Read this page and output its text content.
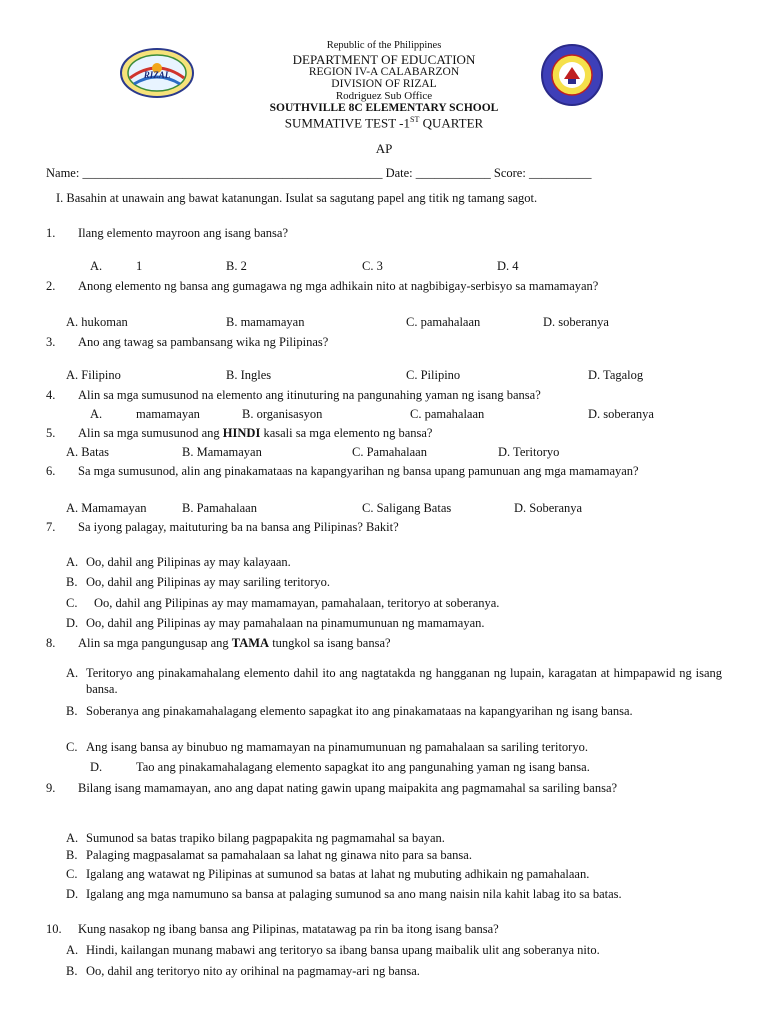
RIZAL
Republic of the Philippines
DEPARTMENT OF EDUCATION
REGION IV-A CALABARZON
DIVISION OF RIZAL
Rodriguez Sub Office
SOUTHVILLE 8C ELEMENTARY SCHOOL
SUMMATIVE TEST -1ST QUARTER
AP
Name: ________________________________________________ Date: ____________ Score: __________
I. Basahin at unawain ang bawat katanungan. Isulat sa sagutang papel ang titik ng tamang sagot.
1.	Ilang elemento mayroon ang isang bansa?
A.	1	B. 2	C. 3	D. 4
2.	Anong elemento ng bansa ang gumagawa ng mga adhikain nito at nagbibigay-serbisyo sa mamamayan?
A. hukoman	B. mamamayan	C. pamahalaan	D. soberanya
3.	Ano ang tawag sa pambansang wika ng Pilipinas?
A. Filipino	B. Ingles	C. Pilipino	D. Tagalog
4.	Alin sa mga sumusunod na elemento ang itinuturing na pangunahing yaman ng isang bansa?
A.	mamamayan	B. organisasyon	C. pamahalaan	D. soberanya
5.	Alin sa mga sumusunod ang HINDI kasali sa mga elemento ng bansa?
A. Batas	B. Mamamayan	C. Pamahalaan	D. Teritoryo
6.	Sa mga sumusunod, alin ang pinakamataas na kapangyarihan ng bansa upang pamunuan ang mga mamamayan?
A. Mamamayan	B. Pamahalaan	C. Saligang Batas	D. Soberanya
7.	Sa iyong palagay, maituturing ba na bansa ang Pilipinas? Bakit?
A. Oo, dahil ang Pilipinas ay may kalayaan.
B. Oo, dahil ang Pilipinas ay may sariling teritoryo.
C.	Oo, dahil ang Pilipinas ay may mamamayan, pamahalaan, teritoryo at soberanya.
D. Oo, dahil ang Pilipinas ay may pamahalaan na pinamumunuan ng mamamayan.
8.	Alin sa mga pangungusap ang TAMA tungkol sa isang bansa?
A. Teritoryo ang pinakamahalang elemento dahil ito ang nagtatakda ng hangganan ng lupain, karagatan at himpapawid ng isang bansa.
B. Soberanya ang pinakamahalagang elemento sapagkat ito ang pinakamataas na kapangyarihan ng isang bansa.
C. Ang isang bansa ay binubuo ng mamamayan na pinamumunuan ng pamahalaan sa sariling teritoryo.
D.	Tao ang pinakamahalagang elemento sapagkat ito ang pangunahing yaman ng isang bansa.
9.	Bilang isang mamamayan, ano ang dapat nating gawin upang maipakita ang pagmamahal sa sariling bansa?
A. Sumunod sa batas trapiko bilang pagpapakita ng pagmamahal sa bayan.
B. Palaging magpasalamat sa pamahalaan sa lahat ng ginawa nito para sa bansa.
C. Igalang ang watawat ng Pilipinas at sumunod sa batas at lahat ng mubuting adhikain ng pamahalaan.
D. Igalang ang mga namumuno sa bansa at palaging sumunod sa ano mang naisin nila kahit labag ito sa batas.
10.	Kung nasakop ng ibang bansa ang Pilipinas, matatawag pa rin ba itong isang bansa?
A. Hindi, kailangan munang mabawi ang teritoryo sa ibang bansa upang maibalik ulit ang soberanya nito.
B. Oo, dahil ang teritoryo nito ay orihinal na pagmamay-ari ng bansa.
